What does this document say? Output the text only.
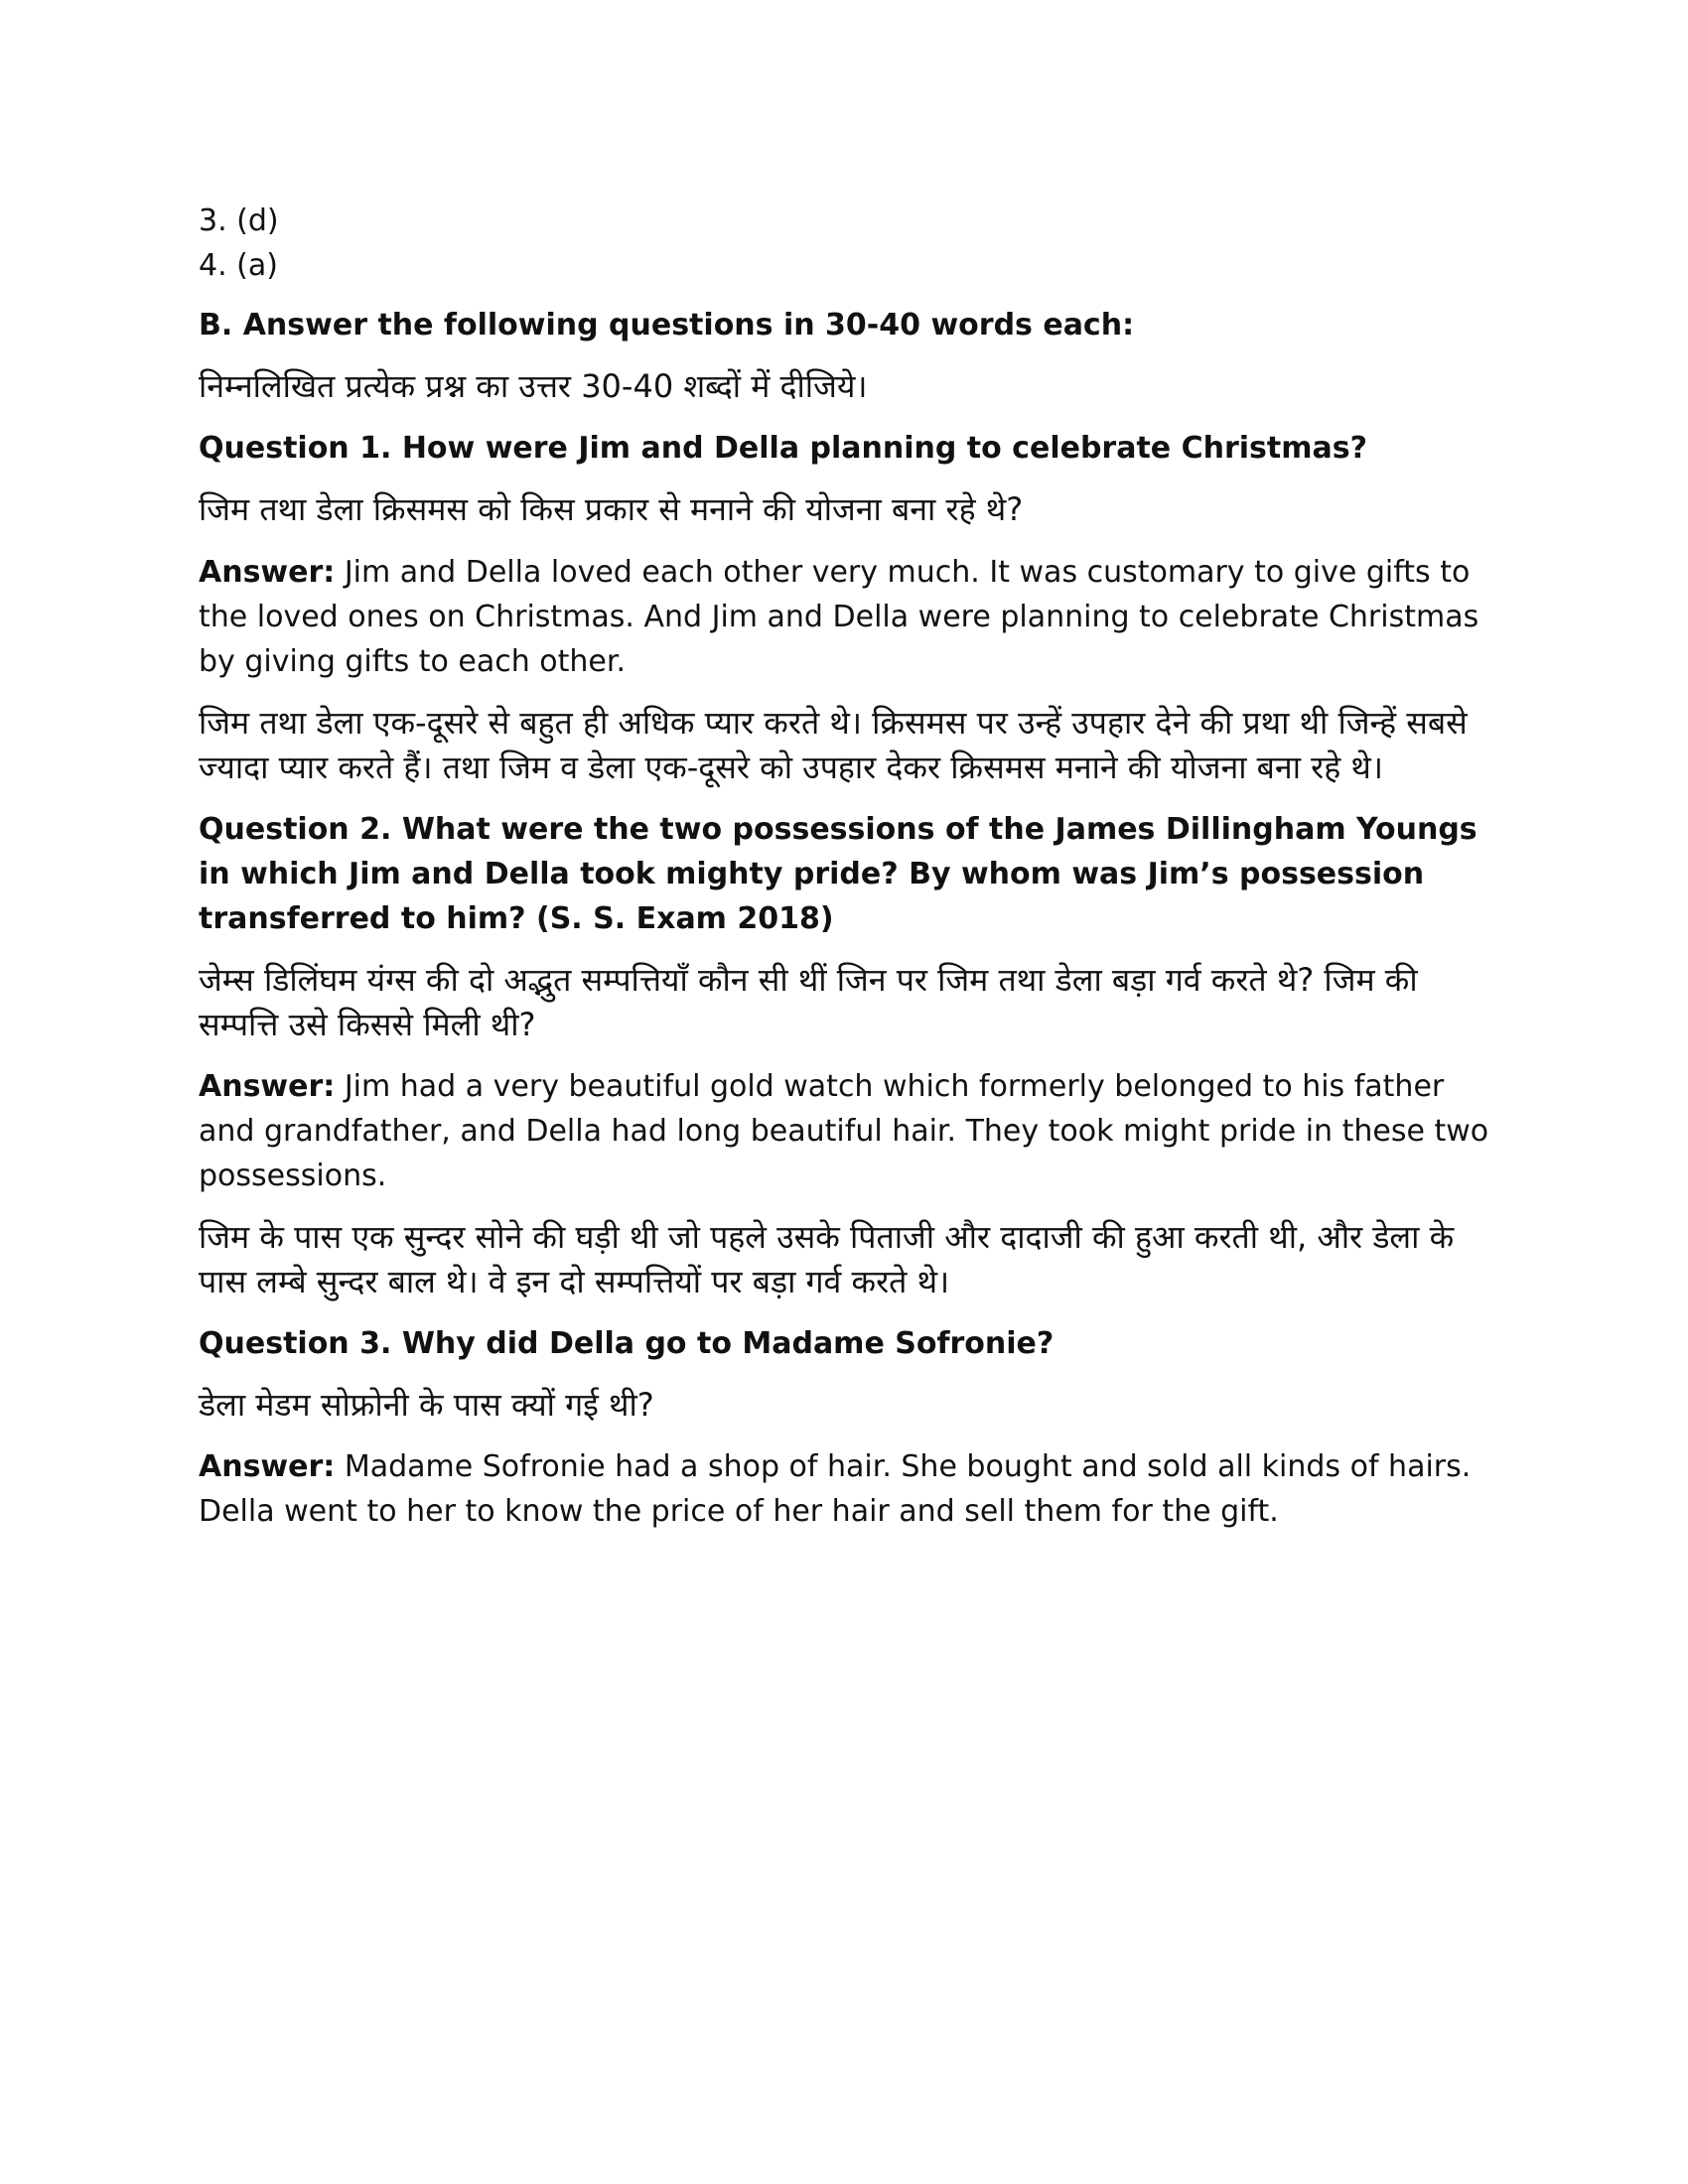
3. (d)

4. (a)

B. Answer the following questions in 30-40 words each:

निम्नलिखित प्रत्येक प्रश्न का उत्तर 30-40 शब्दों में दीजिये।

Question 1. How were Jim and Della planning to celebrate Christmas?

जिम तथा डेला क्रिसमस को किस प्रकार से मनाने की योजना बना रहे थे?

Answer: Jim and Della loved each other very much. It was customary to give gifts to the loved ones on Christmas. And Jim and Della were planning to celebrate Christmas by giving gifts to each other.

जिम तथा डेला एक-दूसरे से बहुत ही अधिक प्यार करते थे। क्रिसमस पर उन्हें उपहार देने की प्रथा थी जिन्हें सबसे ज्यादा प्यार करते हैं। तथा जिम व डेला एक-दूसरे को उपहार देकर क्रिसमस मनाने की योजना बना रहे थे।

Question 2. What were the two possessions of the James Dillingham Youngs in which Jim and Della took mighty pride? By whom was Jim’s possession transferred to him? (S. S. Exam 2018)

जेम्स डिलिंघम यंग्स की दो अद्भुत सम्पत्तियाँ कौन सी थीं जिन पर जिम तथा डेला बड़ा गर्व करते थे? जिम की सम्पत्ति उसे किससे मिली थी?

Answer: Jim had a very beautiful gold watch which formerly belonged to his father and grandfather, and Della had long beautiful hair. They took might pride in these two possessions.

जिम के पास एक सुन्दर सोने की घड़ी थी जो पहले उसके पिताजी और दादाजी की हुआ करती थी, और डेला के पास लम्बे सुन्दर बाल थे। वे इन दो सम्पत्तियों पर बड़ा गर्व करते थे।

Question 3. Why did Della go to Madame Sofronie?

डेला मेडम सोफ्रोनी के पास क्यों गई थी?

Answer: Madame Sofronie had a shop of hair. She bought and sold all kinds of hairs. Della went to her to know the price of her hair and sell them for the gift.
